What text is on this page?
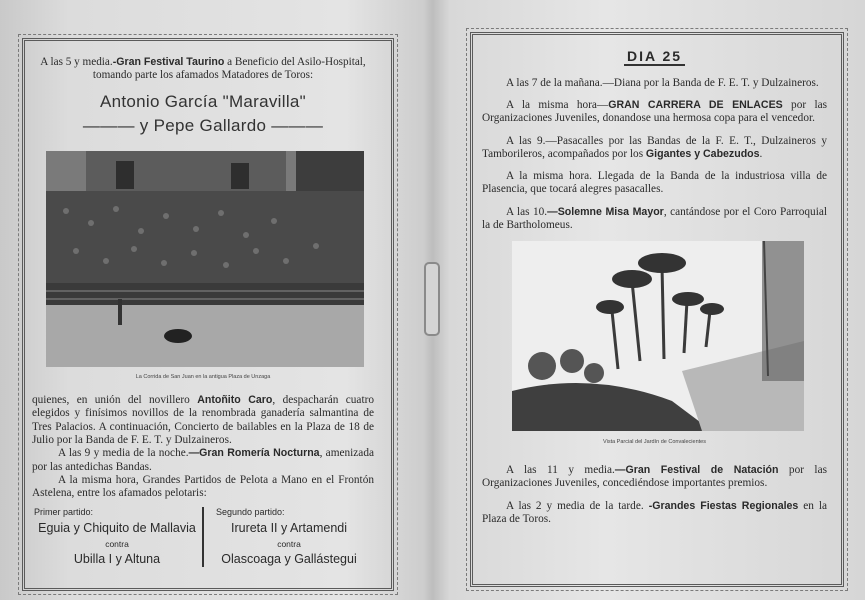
A las 5 y media.-Gran Festival Taurino a Beneficio del Asilo-Hospital, tomando parte los afamados Matadores de Toros:

Antonio García "Maravilla"
——— y Pepe Gallardo ———
La Corrida de San Juan en la antigua Plaza de Unzaga

quienes, en unión del novillero Antoñito Caro, despacharán cuatro elegidos y finísimos novillos de la renombrada ganadería salmantina de Tres Palacios. A continuación, Concierto de bailables en la Plaza de 18 de Julio por la Banda de F. E. T. y Dulzaineros.

A las 9 y media de la noche.—Gran Romería Nocturna, amenizada por las antedichas Bandas.

A la misma hora, Grandes Partidos de Pelota a Mano en el Frontón Astelena, entre los afamados pelotaris:

Primer partido:
Eguia y Chiquito de Mallavia
contra
Ubilla I y Altuna
Segundo partido:
Irureta II y Artamendi
contra
Olascoaga y Gallástegui
DIA 25

A las 7 de la mañana.—Diana por la Banda de F. E. T. y Dulzaineros.

A la misma hora—GRAN CARRERA DE ENLACES por las Organizaciones Juveniles, donandose una hermosa copa para el vencedor.

A las 9.—Pasacalles por las Bandas de la F. E. T., Dulzaineros y Tamborileros, acompañados por los Gigantes y Cabezudos.

A la misma hora. Llegada de la Banda de la industriosa villa de Plasencia, que tocará alegres pasacalles.

A las 10.—Solemne Misa Mayor, cantándose por el Coro Parroquial la de Bartholomeus.

Vista Parcial del Jardín de Convalecientes

A las 11 y media.—Gran Festival de Natación por las Organizaciones Juveniles, concediéndose importantes premios.

A las 2 y media de la tarde. -Grandes Fiestas Regionales en la Plaza de Toros.
